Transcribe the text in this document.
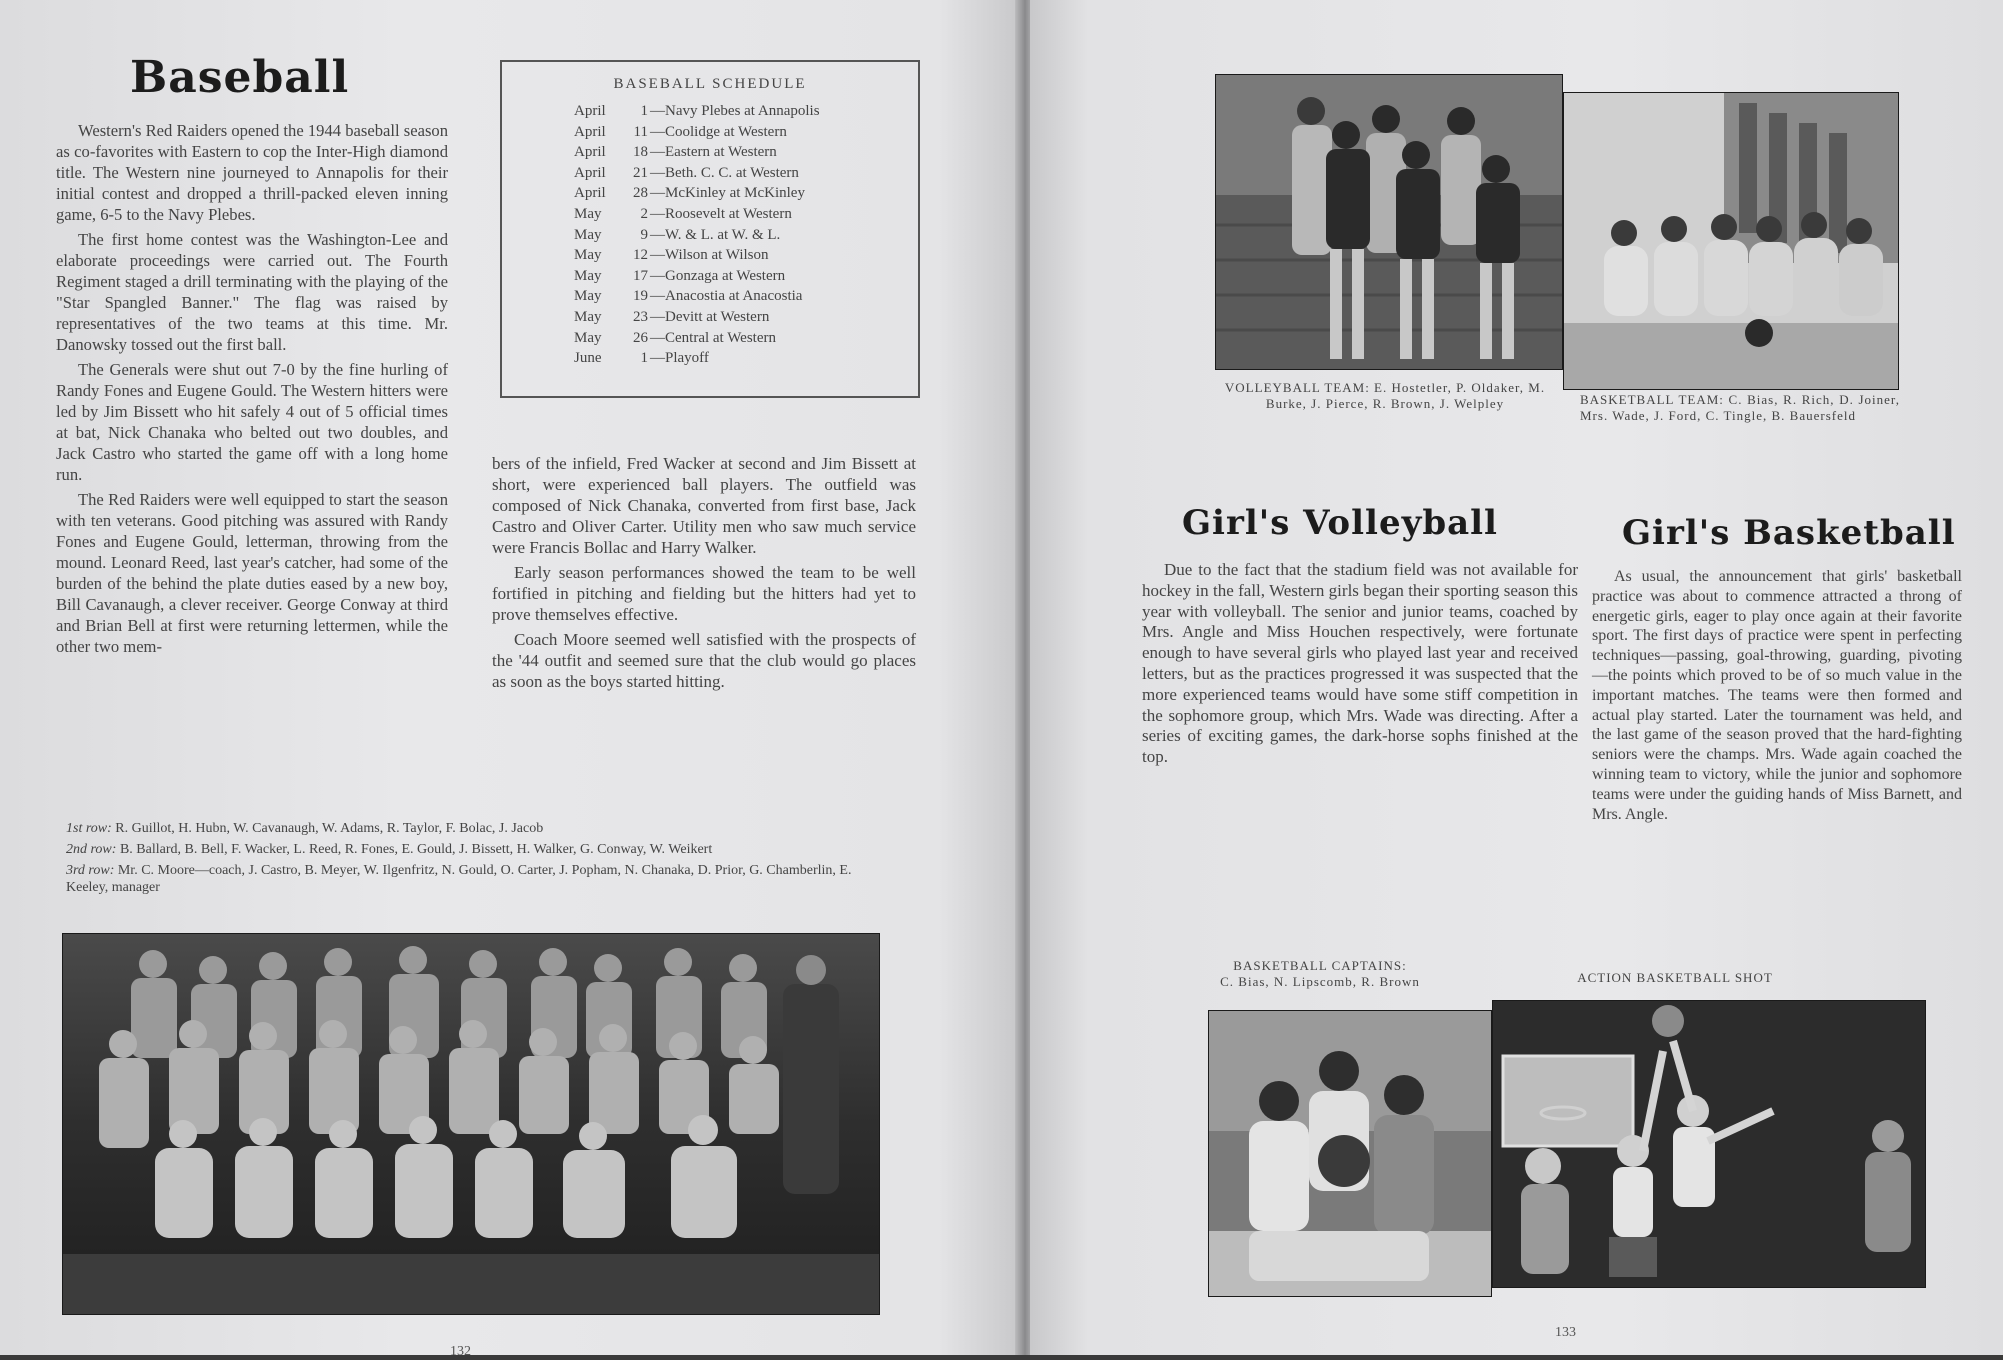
Baseball

Western's Red Raiders opened the 1944 baseball season as co-favorites with Eastern to cop the Inter-High diamond title. The Western nine journeyed to Annapolis for their initial contest and dropped a thrill-packed eleven inning game, 6-5 to the Navy Plebes.

The first home contest was the Washington-Lee and elaborate proceedings were carried out. The Fourth Regiment staged a drill terminating with the playing of the "Star Spangled Banner." The flag was raised by representatives of the two teams at this time. Mr. Danowsky tossed out the first ball.

The Generals were shut out 7-0 by the fine hurling of Randy Fones and Eugene Gould. The Western hitters were led by Jim Bissett who hit safely 4 out of 5 official times at bat, Nick Chanaka who belted out two doubles, and Jack Castro who started the game off with a long home run.

The Red Raiders were well equipped to start the season with ten veterans. Good pitching was assured with Randy Fones and Eugene Gould, letterman, throwing from the mound. Leonard Reed, last year's catcher, had some of the burden of the behind the plate duties eased by a new boy, Bill Cavanaugh, a clever receiver. George Conway at third and Brian Bell at first were returning lettermen, while the other two mem-

BASEBALL SCHEDULE
April	1 — Navy Plebes at Annapolis
April	11 — Coolidge at Western
April	18 — Eastern at Western
April	21 — Beth. C. C. at Western
April	28 — McKinley at McKinley
May	2 — Roosevelt at Western
May	9 — W. & L. at W. & L.
May	12 — Wilson at Wilson
May	17 — Gonzaga at Western
May	19 — Anacostia at Anacostia
May	23 — Devitt at Western
May	26 — Central at Western
June	1 — Playoff

bers of the infield, Fred Wacker at second and Jim Bissett at short, were experienced ball players. The outfield was composed of Nick Chanaka, converted from first base, Jack Castro and Oliver Carter. Utility men who saw much service were Francis Bollac and Harry Walker.

Early season performances showed the team to be well fortified in pitching and fielding but the hitters had yet to prove themselves effective.

Coach Moore seemed well satisfied with the prospects of the '44 outfit and seemed sure that the club would go places as soon as the boys started hitting.

1st row: R. Guillot, H. Hubn, W. Cavanaugh, W. Adams, R. Taylor, F. Bolac, J. Jacob
2nd row: B. Ballard, B. Bell, F. Wacker, L. Reed, R. Fones, E. Gould, J. Bissett, H. Walker, G. Conway, W. Weikert
3rd row: Mr. C. Moore—coach, J. Castro, B. Meyer, W. Ilgenfritz, N. Gould, O. Carter, J. Popham, N. Chanaka, D. Prior, G. Chamberlin, E. Keeley, manager
132
VOLLEYBALL TEAM: E. Hostetler, P. Oldaker, M. Burke, J. Pierce, R. Brown, J. Welpley	BASKETBALL TEAM: C. Bias, R. Rich, D. Joiner, Mrs. Wade, J. Ford, C. Tingle, B. Bauersfeld
Girl's Volleyball	Girl's Basketball

Due to the fact that the stadium field was not available for hockey in the fall, Western girls began their sporting season this year with volleyball. The senior and junior teams, coached by Mrs. Angle and Miss Houchen respectively, were fortunate enough to have several girls who played last year and received letters, but as the practices progressed it was suspected that the more experienced teams would have some stiff competition in the sophomore group, which Mrs. Wade was directing. After a series of exciting games, the dark-horse sophs finished at the top.

As usual, the announcement that girls' basketball practice was about to commence attracted a throng of energetic girls, eager to play once again at their favorite sport. The first days of practice were spent in perfecting techniques—passing, goal-throwing, guarding, pivoting—the points which proved to be of so much value in the important matches. The teams were then formed and actual play started. Later the tournament was held, and the last game of the season proved that the hard-fighting seniors were the champs. Mrs. Wade again coached the winning team to victory, while the junior and sophomore teams were under the guiding hands of Miss Barnett, and Mrs. Angle.

BASKETBALL CAPTAINS:
C. Bias, N. Lipscomb, R. Brown	ACTION BASKETBALL SHOT
133
